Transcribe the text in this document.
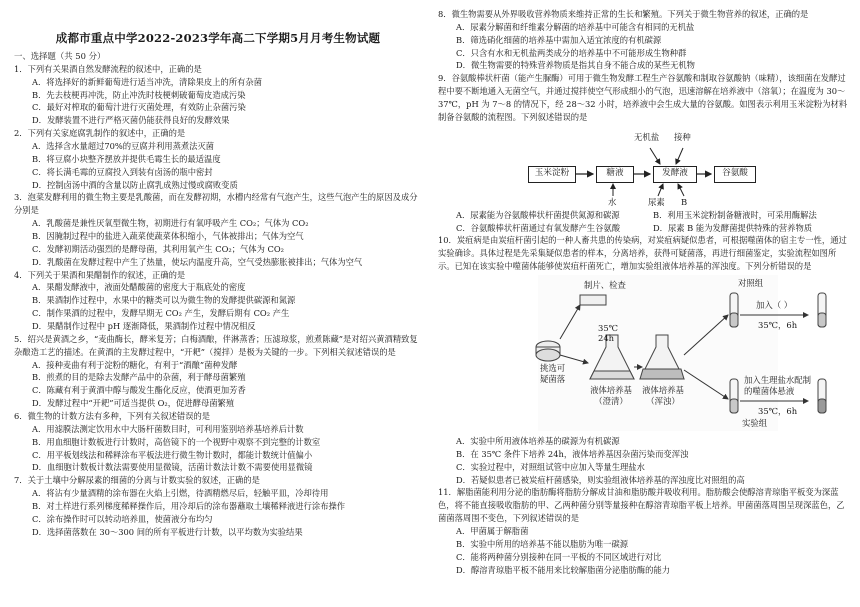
成都市重点中学2022-2023学年高二下学期5月月考生物试题

一、选择题（共 50 分）

1．下列有关果酒自然发酵流程的叙述中，正确的是

A．将选择好的新鲜葡萄进行适当冲洗，清除果皮上的所有杂菌

B．先去枝梗再冲洗，防止冲洗时枝梗刺破葡萄皮造成污染

C．最好对榨取的葡萄汁进行灭菌处理，有效防止杂菌污染

D．发酵装置不进行严格灭菌仍能获得良好的发酵效果

2．下列有关家庭腐乳制作的叙述中，正确的是

A．选择含水量超过70%的豆腐并利用蒸煮法灭菌

B．将豆腐小块整齐摆放并提供毛霉生长的最适温度

C．将长满毛霉的豆腐投入到装有卤汤的瓶中密封

D．控制卤汤中酒的含量以防止腐乳成熟过慢或腐败变质

3．泡菜发酵利用的微生物主要是乳酸菌，而在发酵初期，水槽内经常有气泡产生，这些气泡产生的原因及成分分别是

A．乳酸菌是兼性厌氧型微生物，初期进行有氧呼吸产生 CO₂；气体为 CO₂

B．因腌制过程中的盐进入蔬菜使蔬菜体积缩小，气体被排出；气体为空气

C．发酵初期活动强烈的是酵母菌，其利用氧产生 CO₂；气体为 CO₂

D．乳酸菌在发酵过程中产生了热量，使坛内温度升高，空气受热膨胀被排出；气体为空气

4．下列关于果酒和果醋制作的叙述，正确的是

A．果醋发酵液中，液面处醋酸菌的密度大于瓶底处的密度

B．果酒制作过程中，水果中的糖类可以为微生物的发酵提供碳源和氮源

C．制作果酒的过程中，发酵早期无 CO₂ 产生，发酵后期有 CO₂ 产生

D．果醋制作过程中 pH 逐渐降低，果酒制作过程中情况相反

5．绍兴是黄酒之乡，“麦曲酶长，酵米复芳；白梅酒酿，伴淋蒸香；压滤琼浆，煎煮陈藏”是对绍兴黄酒精致复杂酿造工艺的描述。在黄酒的主发酵过程中，“开耙”（搅拌）是极为关键的一步。下列相关叙述错误的是

A．接种麦曲有利于淀粉的糖化，有利于“酒酿”菌种发酵

B．煎煮的目的是除去发酵产品中的杂菌，利于酵母菌繁殖

C．陈藏有利于黄酒中醇与酸发生酯化反应，使酒更加芳香

D．发酵过程中“开耙”可适当提供 O₂，促进酵母菌繁殖

6．微生物的计数方法有多种，下列有关叙述错误的是

A．用滤膜法测定饮用水中大肠杆菌数目时，可利用鉴别培养基培养后计数

B．用血细胞计数板进行计数时，高倍镜下的一个视野中观察不到完整的计数室

C．用平板划线法和稀释涂布平板法进行微生物计数时，都能计数统计值偏小

D．血细胞计数板计数法需要使用显微镜，活菌计数法计数不需要使用显微镜

7．关于土壤中分解尿素的细菌的分离与计数实验的叙述，正确的是

A．将沾有少量酒精的涂布器在火焰上引燃，待酒精燃尽后，轻触平皿，冷却待用

B．对土样进行系列梯度稀释操作后，用冷却后的涂布器蘸取土壤稀释液进行涂布操作

C．涂布操作时可以转动培养皿，使菌液分布均匀

D．选择菌落数在 30～300 间的所有平板进行计数，以平均数为实验结果

8．微生物需要从外界吸收营养物质来维持正常的生长和繁殖。下列关于微生物营养的叙述，正确的是

A．尿素分解菌和纤维素分解菌的培养基中可能含有相同的无机盐

B．筛选硝化细菌的培养基中需加入适宜浓度的有机碳源

C．只含有水和无机盐两类成分的培养基中不可能形成生物种群

D．微生物需要的特殊营养物质是指其自身不能合成的某些无机物

9．谷氨酸棒状杆菌（能产生脲酶）可用于微生物发酵工程生产谷氨酸和制取谷氨酸钠（味精），该细菌在发酵过程中要不断地通入无菌空气，并通过搅拌使空气形成细小的气泡，迅速溶解在培养液中（溶氧）；在温度为 30～37℃，pH 为 7～8 的情况下，经 28～32 小时，培养液中会生成大量的谷氨酸。如图表示利用玉米淀粉为材料制备谷氨酸的流程图。下列叙述错误的是

无机盐 接种
玉米淀粉	糖液	发酵液	谷氨酸
水	尿素 B
A．尿素能为谷氨酸棒状杆菌提供氮源和碳源	B．利用玉米淀粉制备糖液时，可采用酶解法
C．谷氨酸棒状杆菌通过有氧发酵产生谷氨酸	D．尿素 B 能为发酵菌提供特殊的营养物质

10．炭疽病是由炭疽杆菌引起的一种人畜共患的传染病，对炭疽病疑似患者，可根据噬菌体的宿主专一性，通过实验确诊。具体过程是先采集疑似患者的样本，分离培养，获得可疑菌落，再进行细菌鉴定，实验流程如图所示。已知在该实验中噬菌体能够使炭疽杆菌死亡，增加实验组液体培养基的浑浊度。下列分析错误的是

制片、检查	对照组
挑选可疑菌落
35℃ 24h
液体培养基（澄清）
液体培养基（浑浊）
加入（ ）
35℃，6h
加入生理盐水配制的噬菌体悬液
35℃，6h
实验组

A．实验中所用液体培养基的碳源为有机碳源

B．在 35℃ 条件下培养 24h，液体培养基因杂菌污染而变浑浊

C．实验过程中，对照组试管中应加入等量生理盐水

D．若疑似患者已被炭疽杆菌感染，则实验组液体培养基的浑浊度比对照组的高

11．解脂菌能利用分泌的脂肪酶将脂肪分解成甘油和脂肪酸并吸收利用。脂肪酸会使醇溶青琼脂平板变为深蓝色，将不能直接吸收脂肪的甲、乙两种菌分别等量接种在醇溶青琼脂平板上培养。甲菌菌落周围呈现深蓝色，乙菌菌落周围不变色，下列叙述错误的是

A．甲菌属于解脂菌

B．实验中所用的培养基不能以脂肪为唯一碳源

C．能将两种菌分别接种在同一平板的不同区域进行对比

D．醇溶青琼脂平板不能用来比较解脂菌分泌脂肪酶的能力
